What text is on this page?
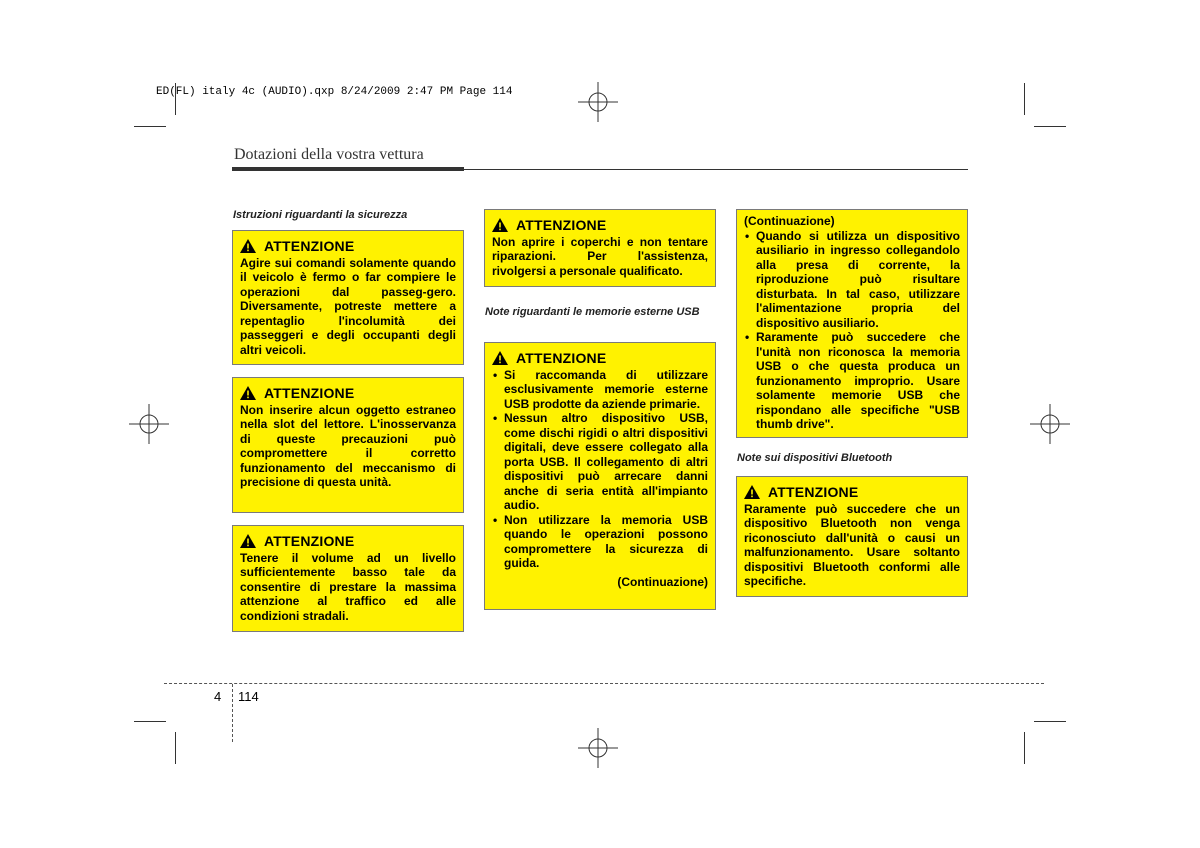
ED(FL) italy 4c (AUDIO).qxp 8/24/2009 2:47 PM Page 114
Dotazioni della vostra vettura
Istruzioni riguardanti la sicurezza
ATTENZIONE

Agire sui comandi solamente quando il veicolo è fermo o far compiere le operazioni dal passeg-gero. Diversamente, potreste mettere a repentaglio l'incolumità dei passeggeri e degli occupanti degli altri veicoli.

ATTENZIONE

Non inserire alcun oggetto estraneo nella slot del lettore. L'inosservanza di queste precauzioni può compromettere il corretto funzionamento del meccanismo di precisione di questa unità.

ATTENZIONE

Tenere il volume ad un livello sufficientemente basso tale da consentire di prestare la massima attenzione al traffico ed alle condizioni stradali.

ATTENZIONE

Non aprire i coperchi e non tentare riparazioni. Per l'assistenza, rivolgersi a personale qualificato.

Note riguardanti le memorie esterne USB
ATTENZIONE
• Si raccomanda di utilizzare esclusivamente memorie esterne USB prodotte da aziende primarie.
• Nessun altro dispositivo USB, come dischi rigidi o altri dispositivi digitali, deve essere collegato alla porta USB. Il collegamento di altri dispositivi può arrecare danni anche di seria entità all'impianto audio.
• Non utilizzare la memoria USB quando le operazioni possono compromettere la sicurezza di guida.
(Continuazione)
(Continuazione)
• Quando si utilizza un dispositivo ausiliario in ingresso collegandolo alla presa di corrente, la riproduzione può risultare disturbata. In tal caso, utilizzare l'alimentazione propria del dispositivo ausiliario.
• Raramente può succedere che l'unità non riconosca la memoria USB o che questa produca un funzionamento improprio. Usare solamente memorie USB che rispondano alle specifiche "USB thumb drive".
Note sui dispositivi Bluetooth
ATTENZIONE

Raramente può succedere che un dispositivo Bluetooth non venga riconosciuto dall'unità o causi un malfunzionamento. Usare soltanto dispositivi Bluetooth conformi alle specifiche.

4 114
